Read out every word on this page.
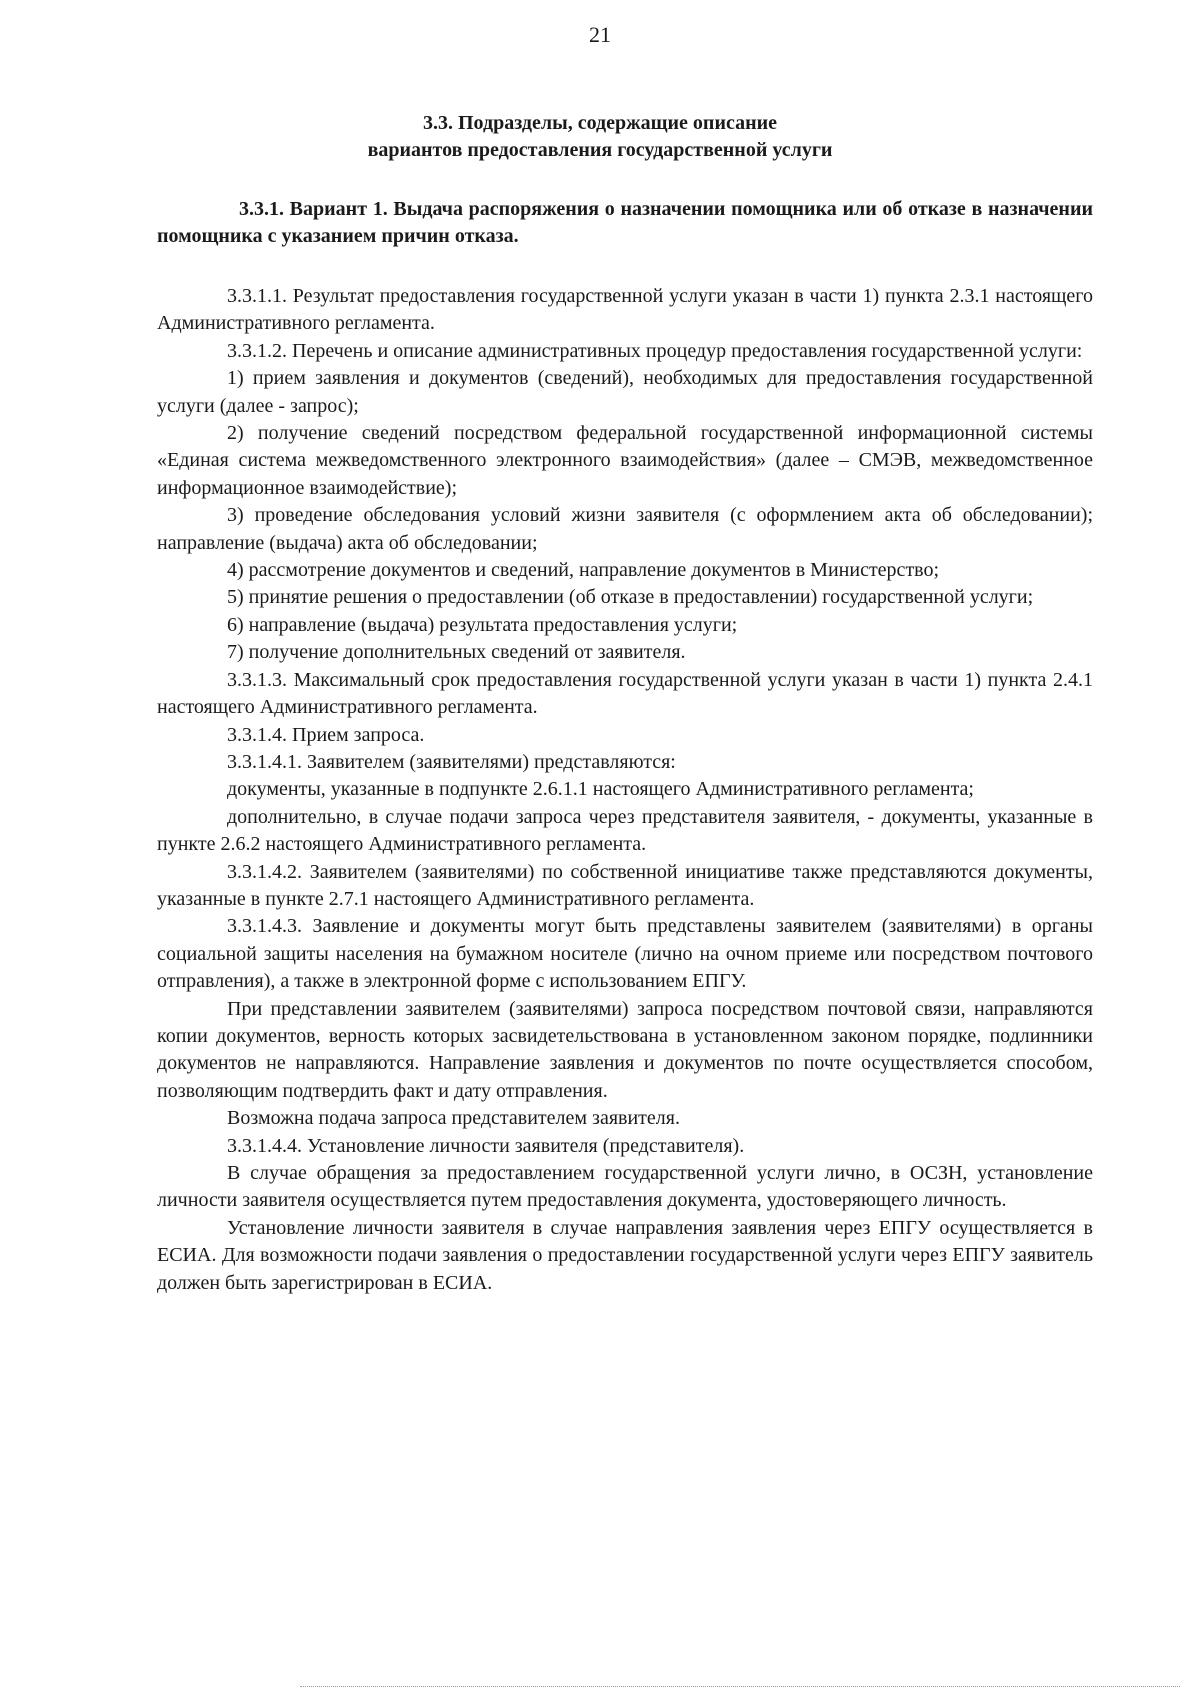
21
3.3. Подразделы, содержащие описание
вариантов предоставления государственной услуги
3.3.1. Вариант 1. Выдача распоряжения о назначении помощника или об отказе в назначении помощника с указанием причин отказа.

3.3.1.1. Результат предоставления государственной услуги указан в части 1) пункта 2.3.1 настоящего Административного регламента.

3.3.1.2. Перечень и описание административных процедур предоставления государственной услуги:

1) прием заявления и документов (сведений), необходимых для предоставления государственной услуги (далее - запрос);

2) получение сведений посредством федеральной государственной информационной системы «Единая система межведомственного электронного взаимодействия» (далее – СМЭВ, межведомственное информационное взаимодействие);

3) проведение обследования условий жизни заявителя (с оформлением акта об обследовании); направление (выдача) акта об обследовании;

4) рассмотрение документов и сведений, направление документов в Министерство;

5) принятие решения о предоставлении (об отказе в предоставлении) государственной услуги;

6) направление (выдача) результата предоставления услуги;

7) получение дополнительных сведений от заявителя.

3.3.1.3. Максимальный срок предоставления государственной услуги указан в части 1) пункта 2.4.1 настоящего Административного регламента.

3.3.1.4. Прием запроса.

3.3.1.4.1. Заявителем (заявителями) представляются:

документы, указанные в подпункте 2.6.1.1 настоящего Административного регламента;

дополнительно, в случае подачи запроса через представителя заявителя, - документы, указанные в пункте 2.6.2 настоящего Административного регламента.

3.3.1.4.2. Заявителем (заявителями) по собственной инициативе также представляются документы, указанные в пункте 2.7.1 настоящего Административного регламента.

3.3.1.4.3. Заявление и документы могут быть представлены заявителем (заявителями) в органы социальной защиты населения на бумажном носителе (лично на очном приеме или посредством почтового отправления), а также в электронной форме с использованием ЕПГУ.

При представлении заявителем (заявителями) запроса посредством почтовой связи, направляются копии документов, верность которых засвидетельствована в установленном законом порядке, подлинники документов не направляются. Направление заявления и документов по почте осуществляется способом, позволяющим подтвердить факт и дату отправления.

Возможна подача запроса представителем заявителя.

3.3.1.4.4. Установление личности заявителя (представителя).

В случае обращения за предоставлением государственной услуги лично, в ОСЗН, установление личности заявителя осуществляется путем предоставления документа, удостоверяющего личность.

Установление личности заявителя в случае направления заявления через ЕПГУ осуществляется в ЕСИА. Для возможности подачи заявления о предоставлении государственной услуги через ЕПГУ заявитель должен быть зарегистрирован в ЕСИА.
